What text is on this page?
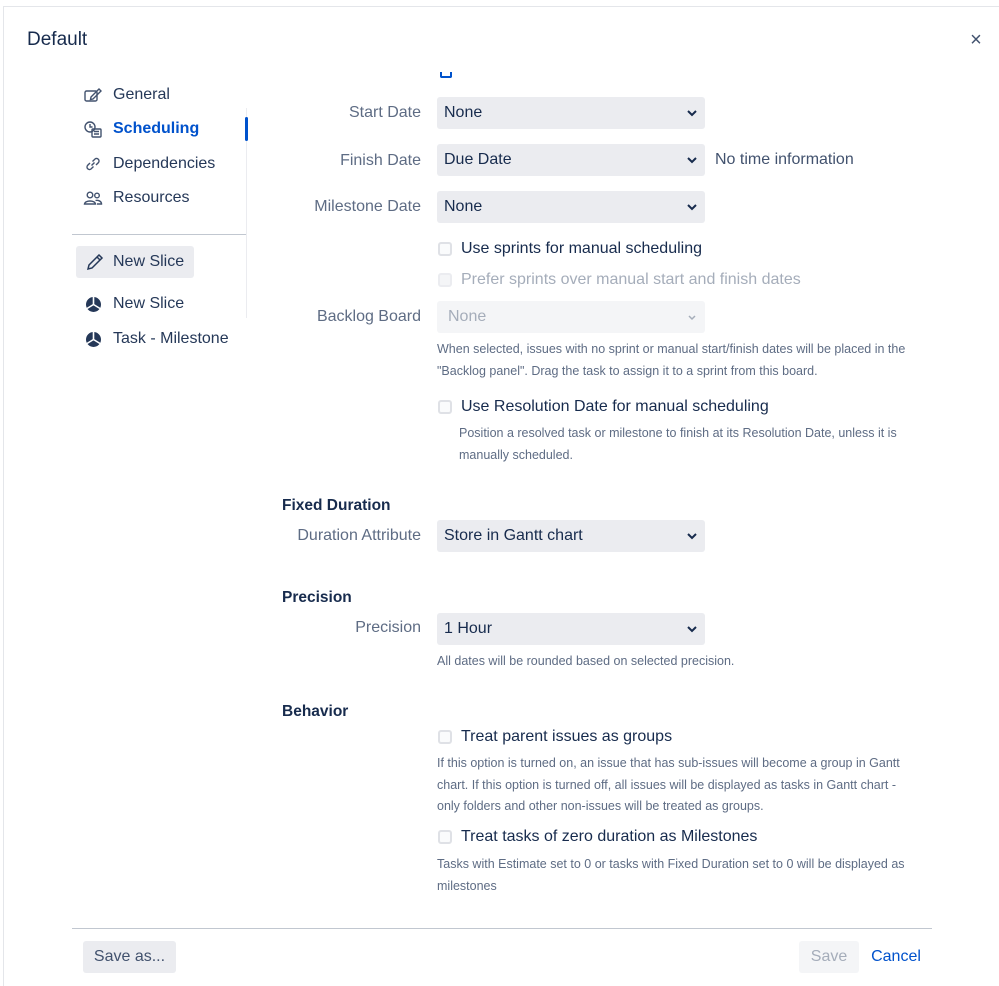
Default	×
General
Scheduling
Dependencies
Resources
New Slice
New Slice
Task - Milestone
Start Date None
Finish Date Due Date	No time information
Milestone Date None
Use sprints for manual scheduling
Prefer sprints over manual start and finish dates
Backlog Board None
When selected, issues with no sprint or manual start/finish dates will be placed in the
"Backlog panel". Drag the task to assign it to a sprint from this board.
Use Resolution Date for manual scheduling
Position a resolved task or milestone to finish at its Resolution Date, unless it is
manually scheduled.
Fixed Duration
Duration Attribute Store in Gantt chart
Precision
Precision 1 Hour
All dates will be rounded based on selected precision.
Behavior
Treat parent issues as groups
If this option is turned on, an issue that has sub-issues will become a group in Gantt
chart. If this option is turned off, all issues will be displayed as tasks in Gantt chart -
only folders and other non-issues will be treated as groups.
Treat tasks of zero duration as Milestones
Tasks with Estimate set to 0 or tasks with Fixed Duration set to 0 will be displayed as
milestones
Save as...	Save	Cancel
